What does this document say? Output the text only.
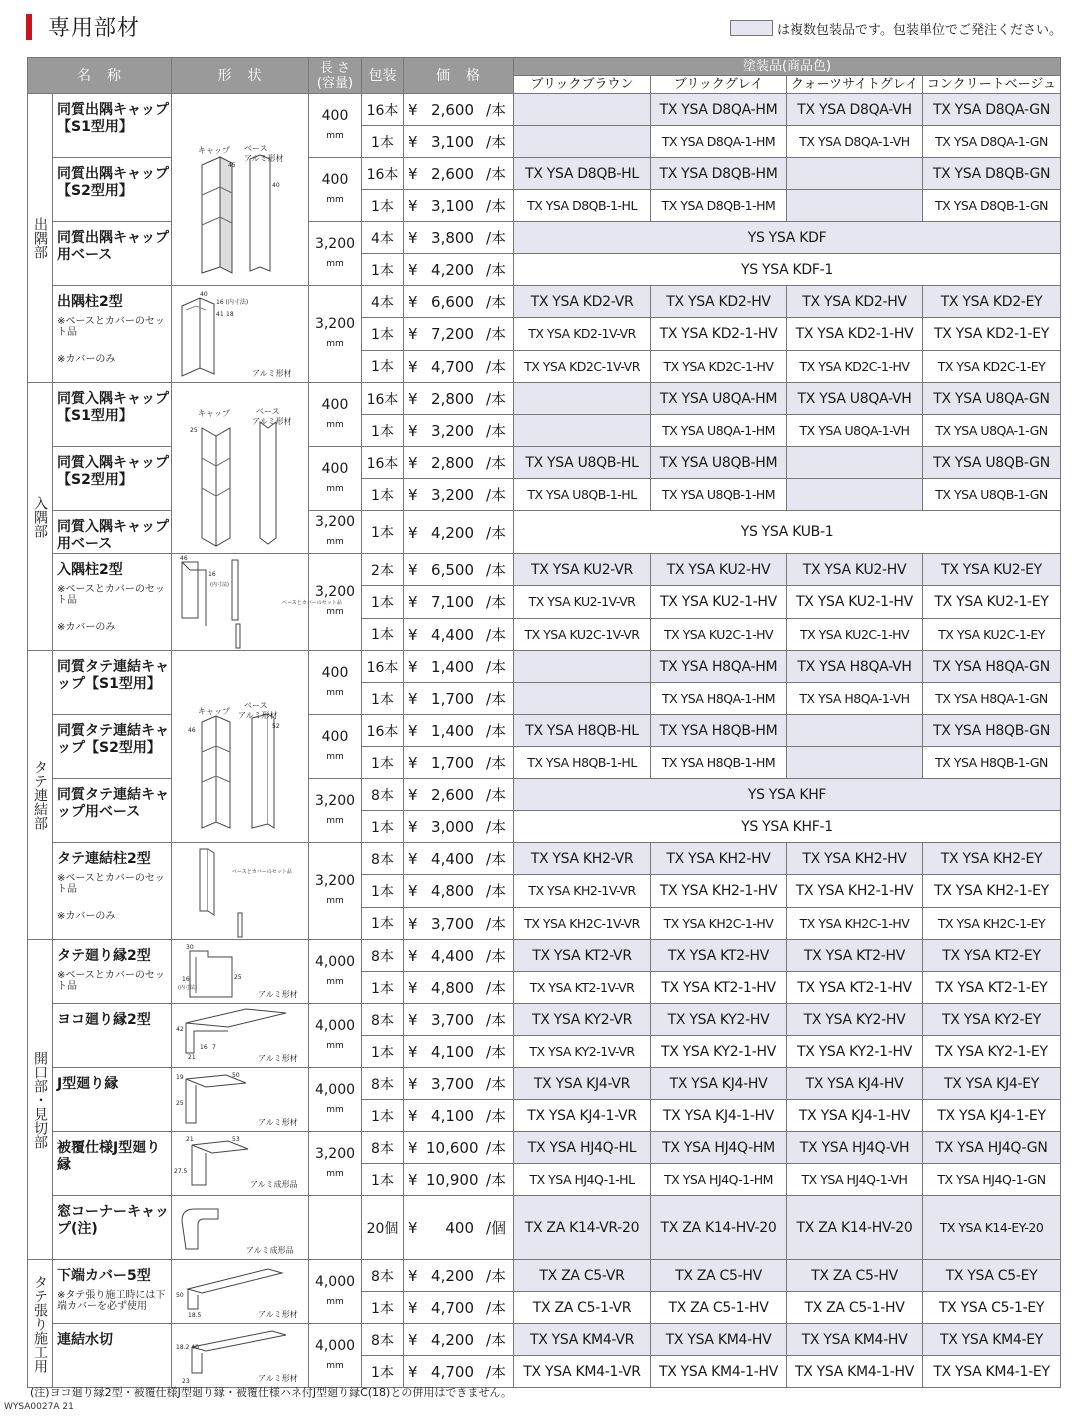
専用部材	は複数包装品です。包装単位でご発注ください。
名　称		形　状	長 さ
(容量)	包装	価　格	塗装品(商品色)			
						ブリックブラウン	ブリックグレイ	クォーツサイトグレイ	コンクリートベージュ
出隅部	同質出隅キャップ【S1型用】	キャップ ベース
アルミ形材
45
40	400
mm	16本	¥ 2,600 /本		TX YSA D8QA-HM	TX YSA D8QA-VH	TX YSA D8QA-GN
				1本	¥ 3,100 /本		TX YSA D8QA-1-HM	TX YSA D8QA-1-VH	TX YSA D8QA-1-GN

	同質出隅キャップ【S2型用】		400
mm	16本	¥ 2,600 /本	TX YSA D8QB-HL	TX YSA D8QB-HM		TX YSA D8QB-GN
				1本	¥ 3,100 /本	TX YSA D8QB-1-HL	TX YSA D8QB-1-HM		TX YSA D8QB-1-GN

	同質出隅キャップ用ベース		3,200
mm	4本	¥ 3,800 /本	YS YSA KDF			
				1本	¥ 4,200 /本	YS YSA KDF-1			

	出隅柱2型
※ベースとカバーのセット品
※カバーのみ	40
16 (内寸法)
41 18
アルミ形材	3,200
mm	4本	¥ 6,600 /本	TX YSA KD2-VR	TX YSA KD2-HV	TX YSA KD2-HV	TX YSA KD2-EY
				1本	¥ 7,200 /本	TX YSA KD2-1V-VR	TX YSA KD2-1-HV	TX YSA KD2-1-HV	TX YSA KD2-1-EY
				1本	¥ 4,700 /本	TX YSA KD2C-1V-VR	TX YSA KD2C-1-HV	TX YSA KD2C-1-HV	TX YSA KD2C-1-EY
入隅部	同質入隅キャップ【S1型用】	キャップ ベース
アルミ形材
25	400
mm	16本	¥ 2,800 /本		TX YSA U8QA-HM	TX YSA U8QA-VH	TX YSA U8QA-GN
				1本	¥ 3,200 /本		TX YSA U8QA-1-HM	TX YSA U8QA-1-VH	TX YSA U8QA-1-GN

	同質入隅キャップ【S2型用】		400
mm	16本	¥ 2,800 /本	TX YSA U8QB-HL	TX YSA U8QB-HM		TX YSA U8QB-GN
				1本	¥ 3,200 /本	TX YSA U8QB-1-HL	TX YSA U8QB-1-HM		TX YSA U8QB-1-GN

	同質入隅キャップ用ベース		3,200
mm	1本	¥ 4,200 /本	YS YSA KUB-1			

	入隅柱2型
※ベースとカバーのセット品
※カバーのみ	46
16
(内寸法)
ベースとカバーのセット品	3,200
mm	2本	¥ 6,500 /本	TX YSA KU2-VR	TX YSA KU2-HV	TX YSA KU2-HV	TX YSA KU2-EY
				1本	¥ 7,100 /本	TX YSA KU2-1V-VR	TX YSA KU2-1-HV	TX YSA KU2-1-HV	TX YSA KU2-1-EY
				1本	¥ 4,400 /本	TX YSA KU2C-1V-VR	TX YSA KU2C-1-HV	TX YSA KU2C-1-HV	TX YSA KU2C-1-EY
タテ連結部	同質タテ連結キャップ【S1型用】	キャップ
ベース
アルミ形材
46
52	400
mm	16本	¥ 1,400 /本		TX YSA H8QA-HM	TX YSA H8QA-VH	TX YSA H8QA-GN
				1本	¥ 1,700 /本		TX YSA H8QA-1-HM	TX YSA H8QA-1-VH	TX YSA H8QA-1-GN

	同質タテ連結キャップ【S2型用】		400
mm	16本	¥ 1,400 /本	TX YSA H8QB-HL	TX YSA H8QB-HM		TX YSA H8QB-GN
				1本	¥ 1,700 /本	TX YSA H8QB-1-HL	TX YSA H8QB-1-HM		TX YSA H8QB-1-GN

	同質タテ連結キャップ用ベース		3,200
mm	8本	¥ 2,600 /本	YS YSA KHF			
				1本	¥ 3,000 /本	YS YSA KHF-1			

	タテ連結柱2型
※ベースとカバーのセット品
※カバーのみ	ベースとカバーのセット品	3,200
mm	8本	¥ 4,400 /本	TX YSA KH2-VR	TX YSA KH2-HV	TX YSA KH2-HV	TX YSA KH2-EY
				1本	¥ 4,800 /本	TX YSA KH2-1V-VR	TX YSA KH2-1-HV	TX YSA KH2-1-HV	TX YSA KH2-1-EY
				1本	¥ 3,700 /本	TX YSA KH2C-1V-VR	TX YSA KH2C-1-HV	TX YSA KH2C-1-HV	TX YSA KH2C-1-EY
開口部・見切部	タテ廻り縁2型
※ベースとカバーのセット品	30
16
(内寸法)
25
アルミ形材	4,000
mm	8本	¥ 4,400 /本	TX YSA KT2-VR	TX YSA KT2-HV	TX YSA KT2-HV	TX YSA KT2-EY
				1本	¥ 4,800 /本	TX YSA KT2-1V-VR	TX YSA KT2-1-HV	TX YSA KT2-1-HV	TX YSA KT2-1-EY

	ヨコ廻り縁2型	42
21
16 7
アルミ形材	4,000
mm	8本	¥ 3,700 /本	TX YSA KY2-VR	TX YSA KY2-HV	TX YSA KY2-HV	TX YSA KY2-EY
				1本	¥ 4,100 /本	TX YSA KY2-1V-VR	TX YSA KY2-1-HV	TX YSA KY2-1-HV	TX YSA KY2-1-EY

	J型廻り縁	19 50
25
アルミ形材	4,000
mm	8本	¥ 3,700 /本	TX YSA KJ4-VR	TX YSA KJ4-HV	TX YSA KJ4-HV	TX YSA KJ4-EY
				1本	¥ 4,100 /本	TX YSA KJ4-1-VR	TX YSA KJ4-1-HV	TX YSA KJ4-1-HV	TX YSA KJ4-1-EY

	被覆仕様J型廻り縁	21 53
27.5
アルミ成形品	3,200
mm	8本	¥ 10,600 /本	TX YSA HJ4Q-HL	TX YSA HJ4Q-HM	TX YSA HJ4Q-VH	TX YSA HJ4Q-GN
				1本	¥ 10,900 /本	TX YSA HJ4Q-1-HL	TX YSA HJ4Q-1-HM	TX YSA HJ4Q-1-VH	TX YSA HJ4Q-1-GN

	窓コーナーキャップ(注)	アルミ成形品		20個	¥ 400 /個	TX ZA K14-VR-20	TX ZA K14-HV-20	TX ZA K14-HV-20	TX YSA K14-EY-20
タテ張り施工用	下端カバー5型
※タテ張り施工時には下端カバーを必ず使用	50
18.5 アルミ形材	4,000
mm	8本	¥ 4,200 /本	TX ZA C5-VR	TX ZA C5-HV	TX ZA C5-HV	TX YSA C5-EY
				1本	¥ 4,700 /本	TX ZA C5-1-VR	TX ZA C5-1-HV	TX ZA C5-1-HV	TX YSA C5-1-EY

	連結水切	18.2 40
23 アルミ形材	4,000
mm	8本	¥ 4,200 /本	TX YSA KM4-VR	TX YSA KM4-HV	TX YSA KM4-HV	TX YSA KM4-EY
				1本	¥ 4,700 /本	TX YSA KM4-1-VR	TX YSA KM4-1-HV	TX YSA KM4-1-HV	TX YSA KM4-1-EY
(注)ヨコ廻り縁2型・被覆仕様J型廻り縁・被覆仕様ハネ付J型廻り縁C(18)との併用はできません。
WYSA0027A 21
